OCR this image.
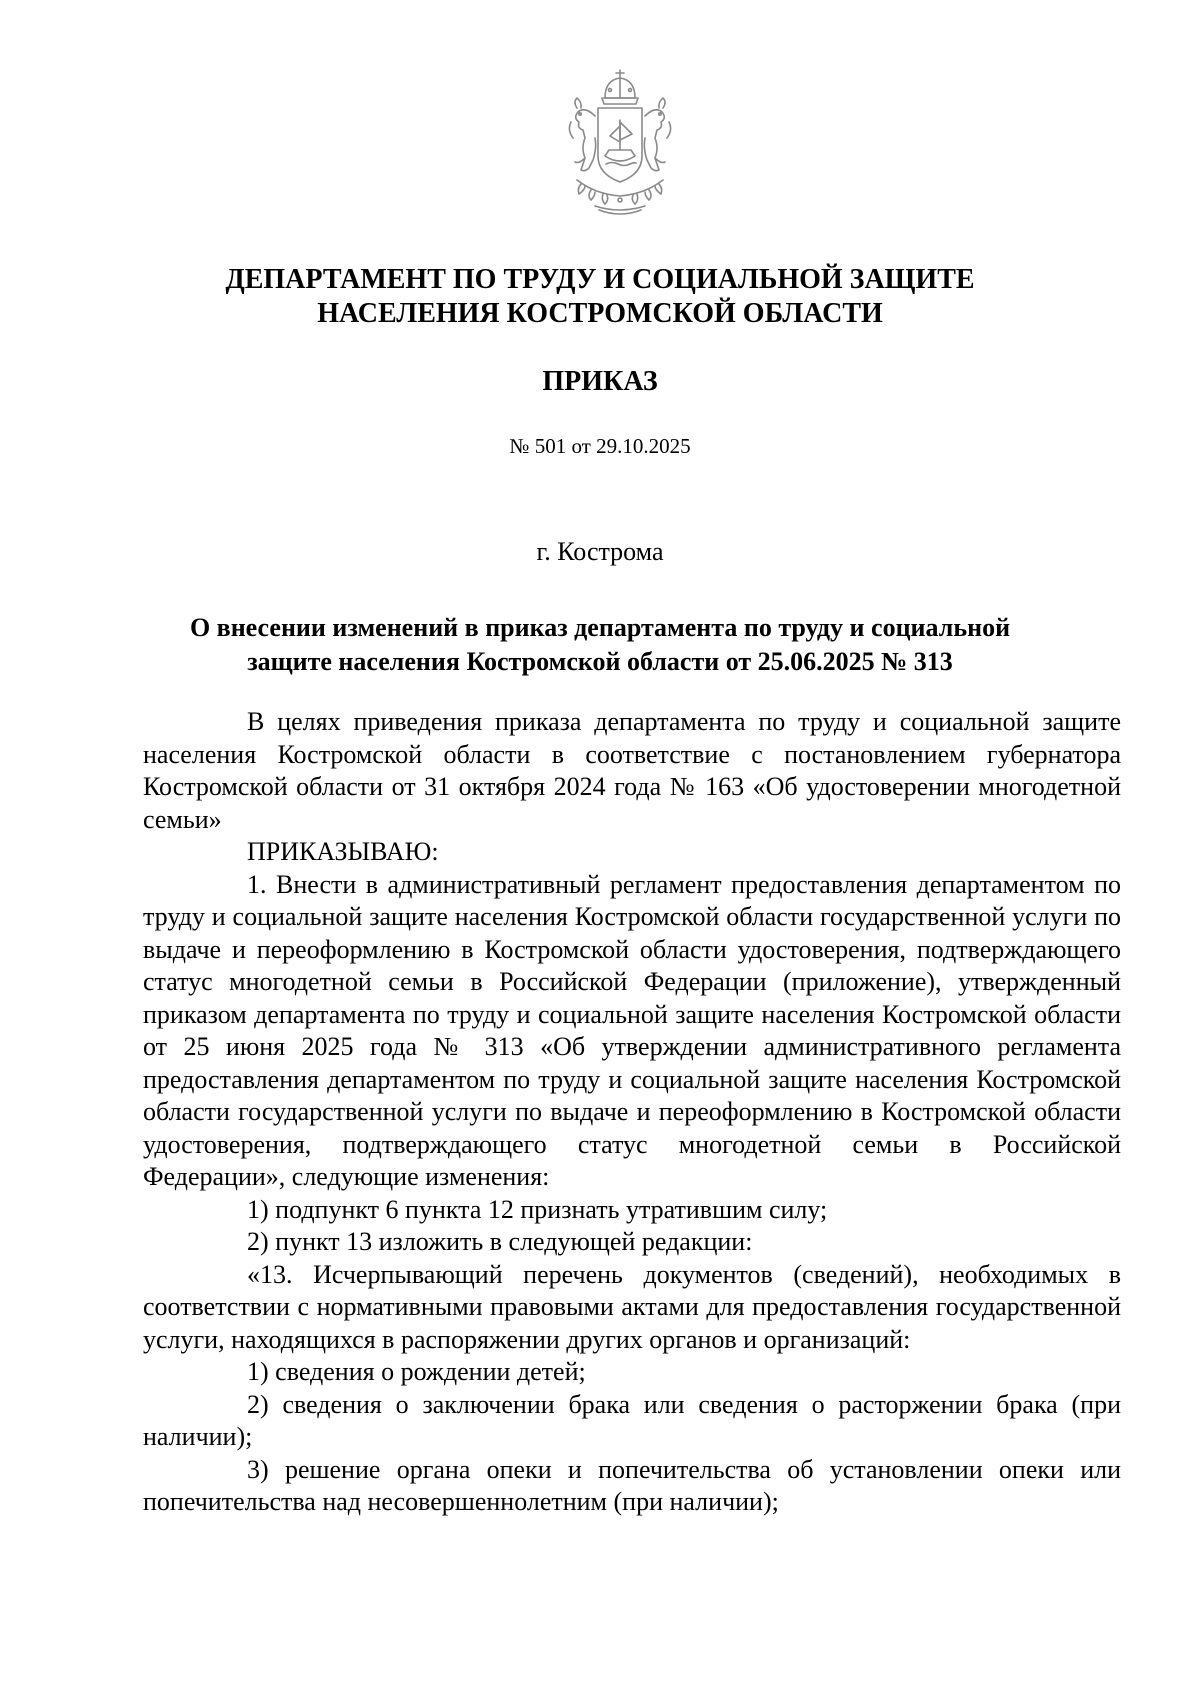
ДЕПАРТАМЕНТ ПО ТРУДУ И СОЦИАЛЬНОЙ ЗАЩИТЕ
НАСЕЛЕНИЯ КОСТРОМСКОЙ ОБЛАСТИ
ПРИКАЗ
№ 501 от 29.10.2025
г. Кострома
О внесении изменений в приказ департамента по труду и социальной
защите населения Костромской области от 25.06.2025 № 313

В целях приведения приказа департамента по труду и социальной защите населения Костромской области в соответствие с постановлением губернатора Костромской области от 31 октября 2024 года № 163 «Об удостоверении многодетной семьи»

ПРИКАЗЫВАЮ:

1. Внести в административный регламент предоставления департаментом по труду и социальной защите населения Костромской области государственной услуги по выдаче и переоформлению в Костромской области удостоверения, подтверждающего статус многодетной семьи в Российской Федерации (приложение), утвержденный приказом департамента по труду и социальной защите населения Костромской области от 25 июня 2025 года № 313 «Об утверждении административного регламента предоставления департаментом по труду и социальной защите населения Костромской области государственной услуги по выдаче и переоформлению в Костромской области удостоверения, подтверждающего статус многодетной семьи в Российской Федерации», следующие изменения:

1) подпункт 6 пункта 12 признать утратившим силу;

2) пункт 13 изложить в следующей редакции:

«13. Исчерпывающий перечень документов (сведений), необходимых в соответствии с нормативными правовыми актами для предоставления государственной услуги, находящихся в распоряжении других органов и организаций:

1) сведения о рождении детей;

2) сведения о заключении брака или сведения о расторжении брака (при наличии);

3) решение органа опеки и попечительства об установлении опеки или попечительства над несовершеннолетним (при наличии);
